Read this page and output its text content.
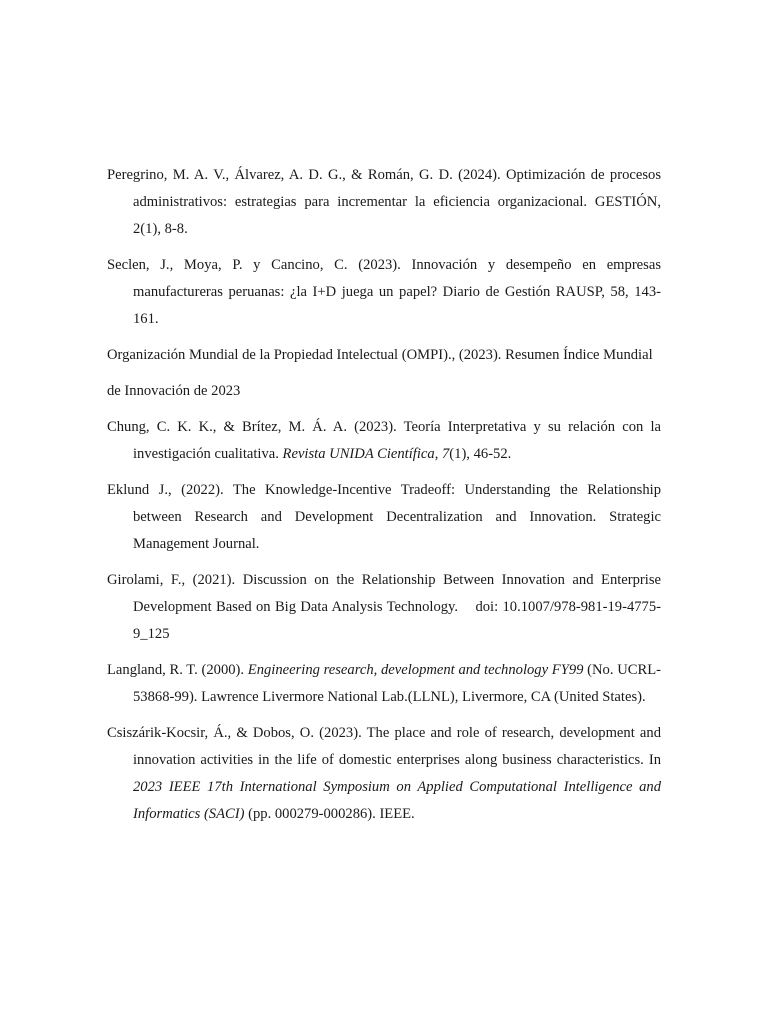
Peregrino, M. A. V., Álvarez, A. D. G., & Román, G. D. (2024). Optimización de procesos administrativos: estrategias para incrementar la eficiencia organizacional. GESTIÓN, 2(1), 8-8.

Seclen, J., Moya, P. y Cancino, C. (2023). Innovación y desempeño en empresas manufactureras peruanas: ¿la I+D juega un papel? Diario de Gestión RAUSP, 58, 143-161.

Organización Mundial de la Propiedad Intelectual (OMPI)., (2023). Resumen Índice Mundial

de Innovación de 2023

Chung, C. K. K., & Brítez, M. Á. A. (2023). Teoría Interpretativa y su relación con la investigación cualitativa. Revista UNIDA Científica, 7(1), 46-52.

Eklund J., (2022). The Knowledge-Incentive Tradeoff: Understanding the Relationship between Research and Development Decentralization and Innovation. Strategic Management Journal.

Girolami, F., (2021). Discussion on the Relationship Between Innovation and Enterprise Development Based on Big Data Analysis Technology.    doi: 10.1007/978-981-19-4775-9_125

Langland, R. T. (2000). Engineering research, development and technology FY99 (No. UCRL-53868-99). Lawrence Livermore National Lab.(LLNL), Livermore, CA (United States).

Csiszárik-Kocsir, Á., & Dobos, O. (2023). The place and role of research, development and innovation activities in the life of domestic enterprises along business characteristics. In 2023 IEEE 17th International Symposium on Applied Computational Intelligence and Informatics (SACI) (pp. 000279-000286). IEEE.
